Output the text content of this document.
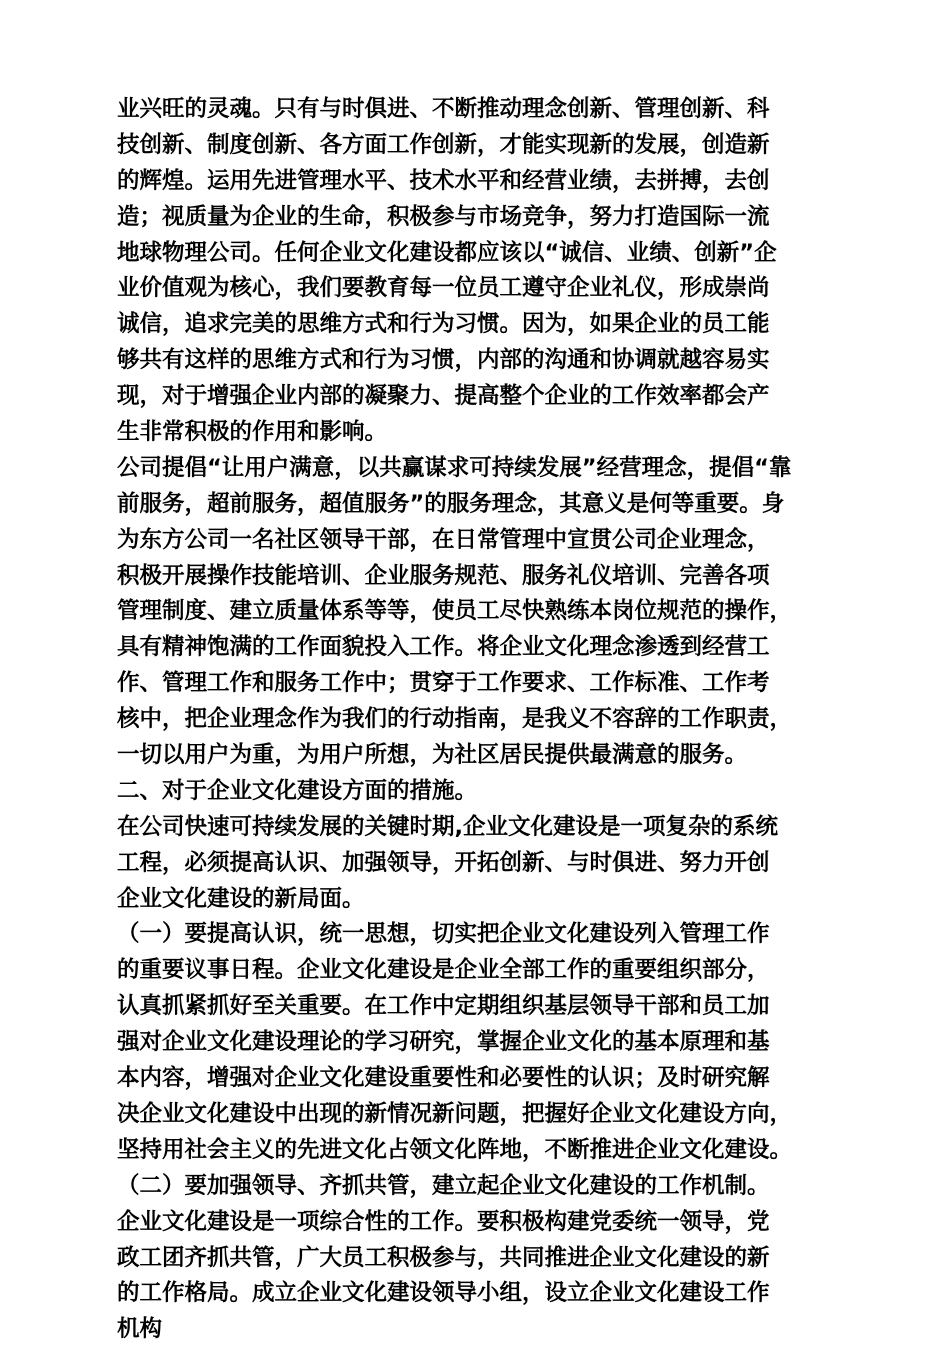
业兴旺的灵魂。只有与时俱进、不断推动理念创新、管理创新、科
技创新、制度创新、各方面工作创新，才能实现新的发展，创造新
的辉煌。运用先进管理水平、技术水平和经营业绩，去拼搏，去创
造；视质量为企业的生命，积极参与市场竞争，努力打造国际一流
地球物理公司。任何企业文化建设都应该以“诚信、业绩、创新”企
业价值观为核心，我们要教育每一位员工遵守企业礼仪，形成崇尚
诚信，追求完美的思维方式和行为习惯。因为，如果企业的员工能
够共有这样的思维方式和行为习惯，内部的沟通和协调就越容易实
现，对于增强企业内部的凝聚力、提高整个企业的工作效率都会产
生非常积极的作用和影响。
公司提倡“让用户满意，以共赢谋求可持续发展”经营理念，提倡“靠
前服务，超前服务，超值服务”的服务理念，其意义是何等重要。身
为东方公司一名社区领导干部，在日常管理中宣贯公司企业理念，
积极开展操作技能培训、企业服务规范、服务礼仪培训、完善各项
管理制度、建立质量体系等等，使员工尽快熟练本岗位规范的操作，
具有精神饱满的工作面貌投入工作。将企业文化理念渗透到经营工
作、管理工作和服务工作中；贯穿于工作要求、工作标准、工作考
核中，把企业理念作为我们的行动指南，是我义不容辞的工作职责，
一切以用户为重，为用户所想，为社区居民提供最满意的服务。
二、对于企业文化建设方面的措施。
在公司快速可持续发展的关键时期,企业文化建设是一项复杂的系统
工程，必须提高认识、加强领导，开拓创新、与时俱进、努力开创
企业文化建设的新局面。
（一）要提高认识，统一思想，切实把企业文化建设列入管理工作
的重要议事日程。企业文化建设是企业全部工作的重要组织部分，
认真抓紧抓好至关重要。在工作中定期组织基层领导干部和员工加
强对企业文化建设理论的学习研究，掌握企业文化的基本原理和基
本内容，增强对企业文化建设重要性和必要性的认识；及时研究解
决企业文化建设中出现的新情况新问题，把握好企业文化建设方向，
坚持用社会主义的先进文化占领文化阵地，不断推进企业文化建设。
（二）要加强领导、齐抓共管，建立起企业文化建设的工作机制。
企业文化建设是一项综合性的工作。要积极构建党委统一领导，党
政工团齐抓共管，广大员工积极参与，共同推进企业文化建设的新
的工作格局。成立企业文化建设领导小组，设立企业文化建设工作
机构
